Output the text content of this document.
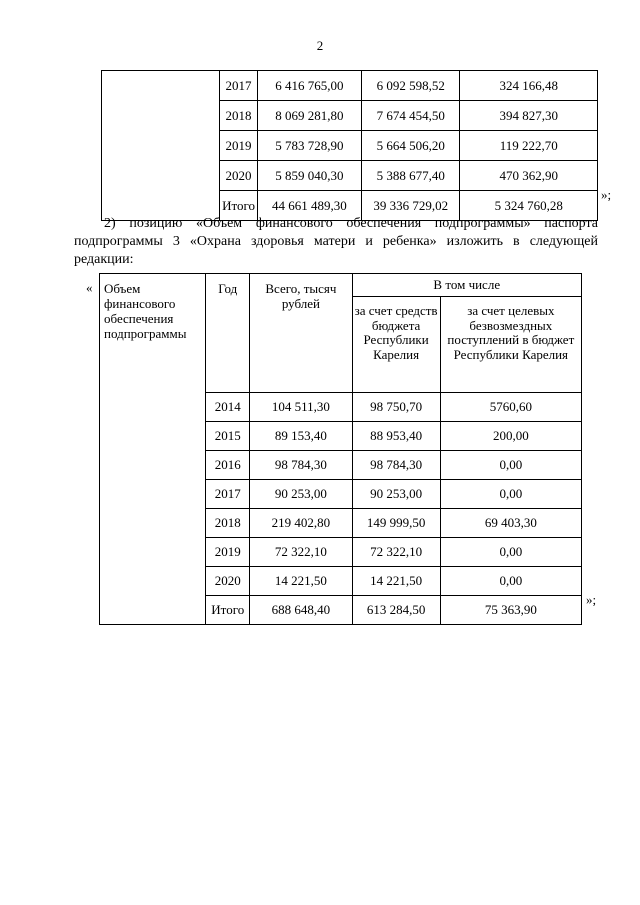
2
	2017	6 416 765,00	6 092 598,52	324 166,48
	2018	8 069 281,80	7 674 454,50	394 827,30
	2019	5 783 728,90	5 664 506,20	119 222,70
	2020	5 859 040,30	5 388 677,40	470 362,90
	Итого	44 661 489,30	39 336 729,02	5 324 760,28
»;
2) позицию «Объем финансового обеспечения подпрограммы» паспорта подпрограммы 3 «Охрана здоровья матери и ребенка» изложить в следующей редакции:
« Объем финансового обеспечения подпрограммы	Год	Всего, тысяч рублей	В том числе	
			за счет средств бюджета Республики Карелия	за счет целевых безвозмездных поступлений в бюджет Республики Карелия
	2014	104 511,30	98 750,70	5760,60
	2015	89 153,40	88 953,40	200,00
	2016	98 784,30	98 784,30	0,00
	2017	90 253,00	90 253,00	0,00
	2018	219 402,80	149 999,50	69 403,30
	2019	72 322,10	72 322,10	0,00
	2020	14 221,50	14 221,50	0,00
	Итого	688 648,40	613 284,50	75 363,90
»;
